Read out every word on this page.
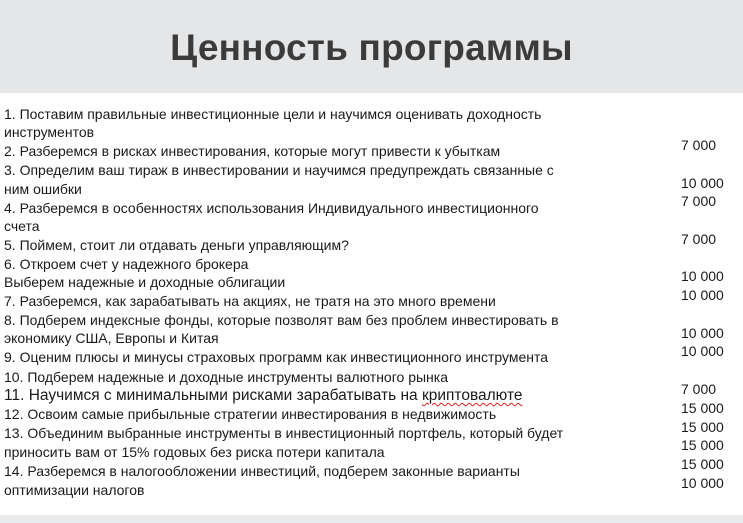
Ценность программы
1. Поставим правильные инвестиционные цели и научимся оценивать доходность
инструментов
2. Разберемся в рисках инвестирования, которые могут привести к убыткам
3. Определим ваш тираж в инвестировании и научимся предупреждать связанные с
ним ошибки
4. Разберемся в особенностях использования Индивидуального инвестиционного
счета
5. Поймем, стоит ли отдавать деньги управляющим?
6. Откроем счет у надежного брокера
Выберем надежные и доходные облигации
7. Разберемся, как зарабатывать на акциях, не тратя на это много времени
8. Подберем индексные фонды, которые позволят вам без проблем инвестировать в
экономику США, Европы и Китая
9. Оценим плюсы и минусы страховых программ как инвестиционного инструмента
10. Подберем надежные и доходные инструменты валютного рынка
11. Научимся с минимальными рисками зарабатывать на криптовалюте
12. Освоим самые прибыльные стратегии инвестирования в недвижимость
13. Объединим выбранные инструменты в инвестиционный портфель, который будет
приносить вам от 15% годовых без риска потери капитала
14. Разберемся в налогообложении инвестиций, подберем законные варианты
оптимизации налогов
7 000
10 000
7 000
7 000
10 000
10 000
10 000
10 000
7 000
15 000
15 000
15 000
15 000
10 000
